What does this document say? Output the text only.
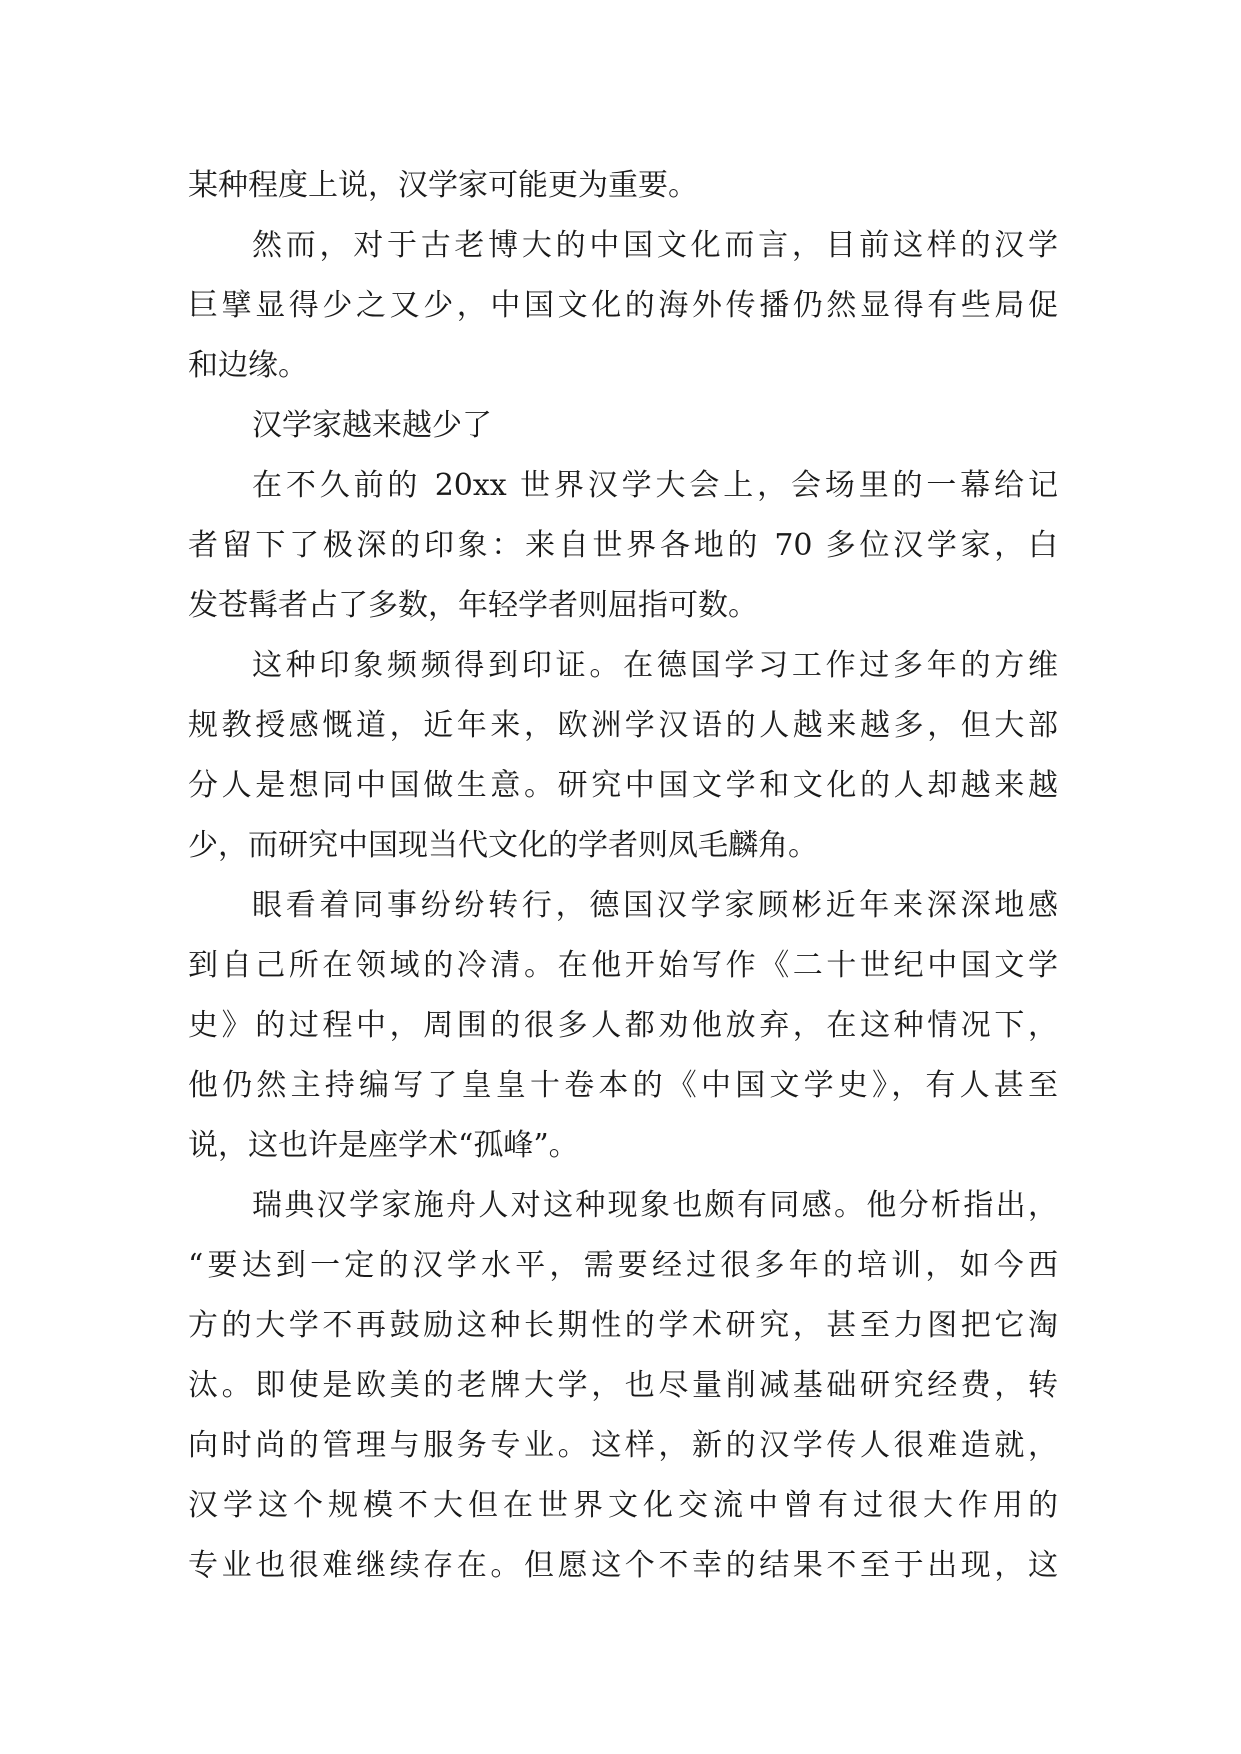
某种程度上说，汉学家可能更为重要。
然而，对于古老博大的中国文化而言，目前这样的汉学
巨擘显得少之又少，中国文化的海外传播仍然显得有些局促
和边缘。
汉学家越来越少了
在不久前的 20xx 世界汉学大会上，会场里的一幕给记
者留下了极深的印象：来自世界各地的 70 多位汉学家，白
发苍髯者占了多数，年轻学者则屈指可数。
这种印象频频得到印证。在德国学习工作过多年的方维
规教授感慨道，近年来，欧洲学汉语的人越来越多，但大部
分人是想同中国做生意。研究中国文学和文化的人却越来越
少，而研究中国现当代文化的学者则凤毛麟角。
眼看着同事纷纷转行，德国汉学家顾彬近年来深深地感
到自己所在领域的冷清。在他开始写作《二十世纪中国文学
史》的过程中，周围的很多人都劝他放弃，在这种情况下，
他仍然主持编写了皇皇十卷本的《中国文学史》，有人甚至
说，这也许是座学术“孤峰”。
瑞典汉学家施舟人对这种现象也颇有同感。他分析指出，
“要达到一定的汉学水平，需要经过很多年的培训，如今西
方的大学不再鼓励这种长期性的学术研究，甚至力图把它淘
汰。即使是欧美的老牌大学，也尽量削减基础研究经费，转
向时尚的管理与服务专业。这样，新的汉学传人很难造就，
汉学这个规模不大但在世界文化交流中曾有过很大作用的
专业也很难继续存在。但愿这个不幸的结果不至于出现，这
